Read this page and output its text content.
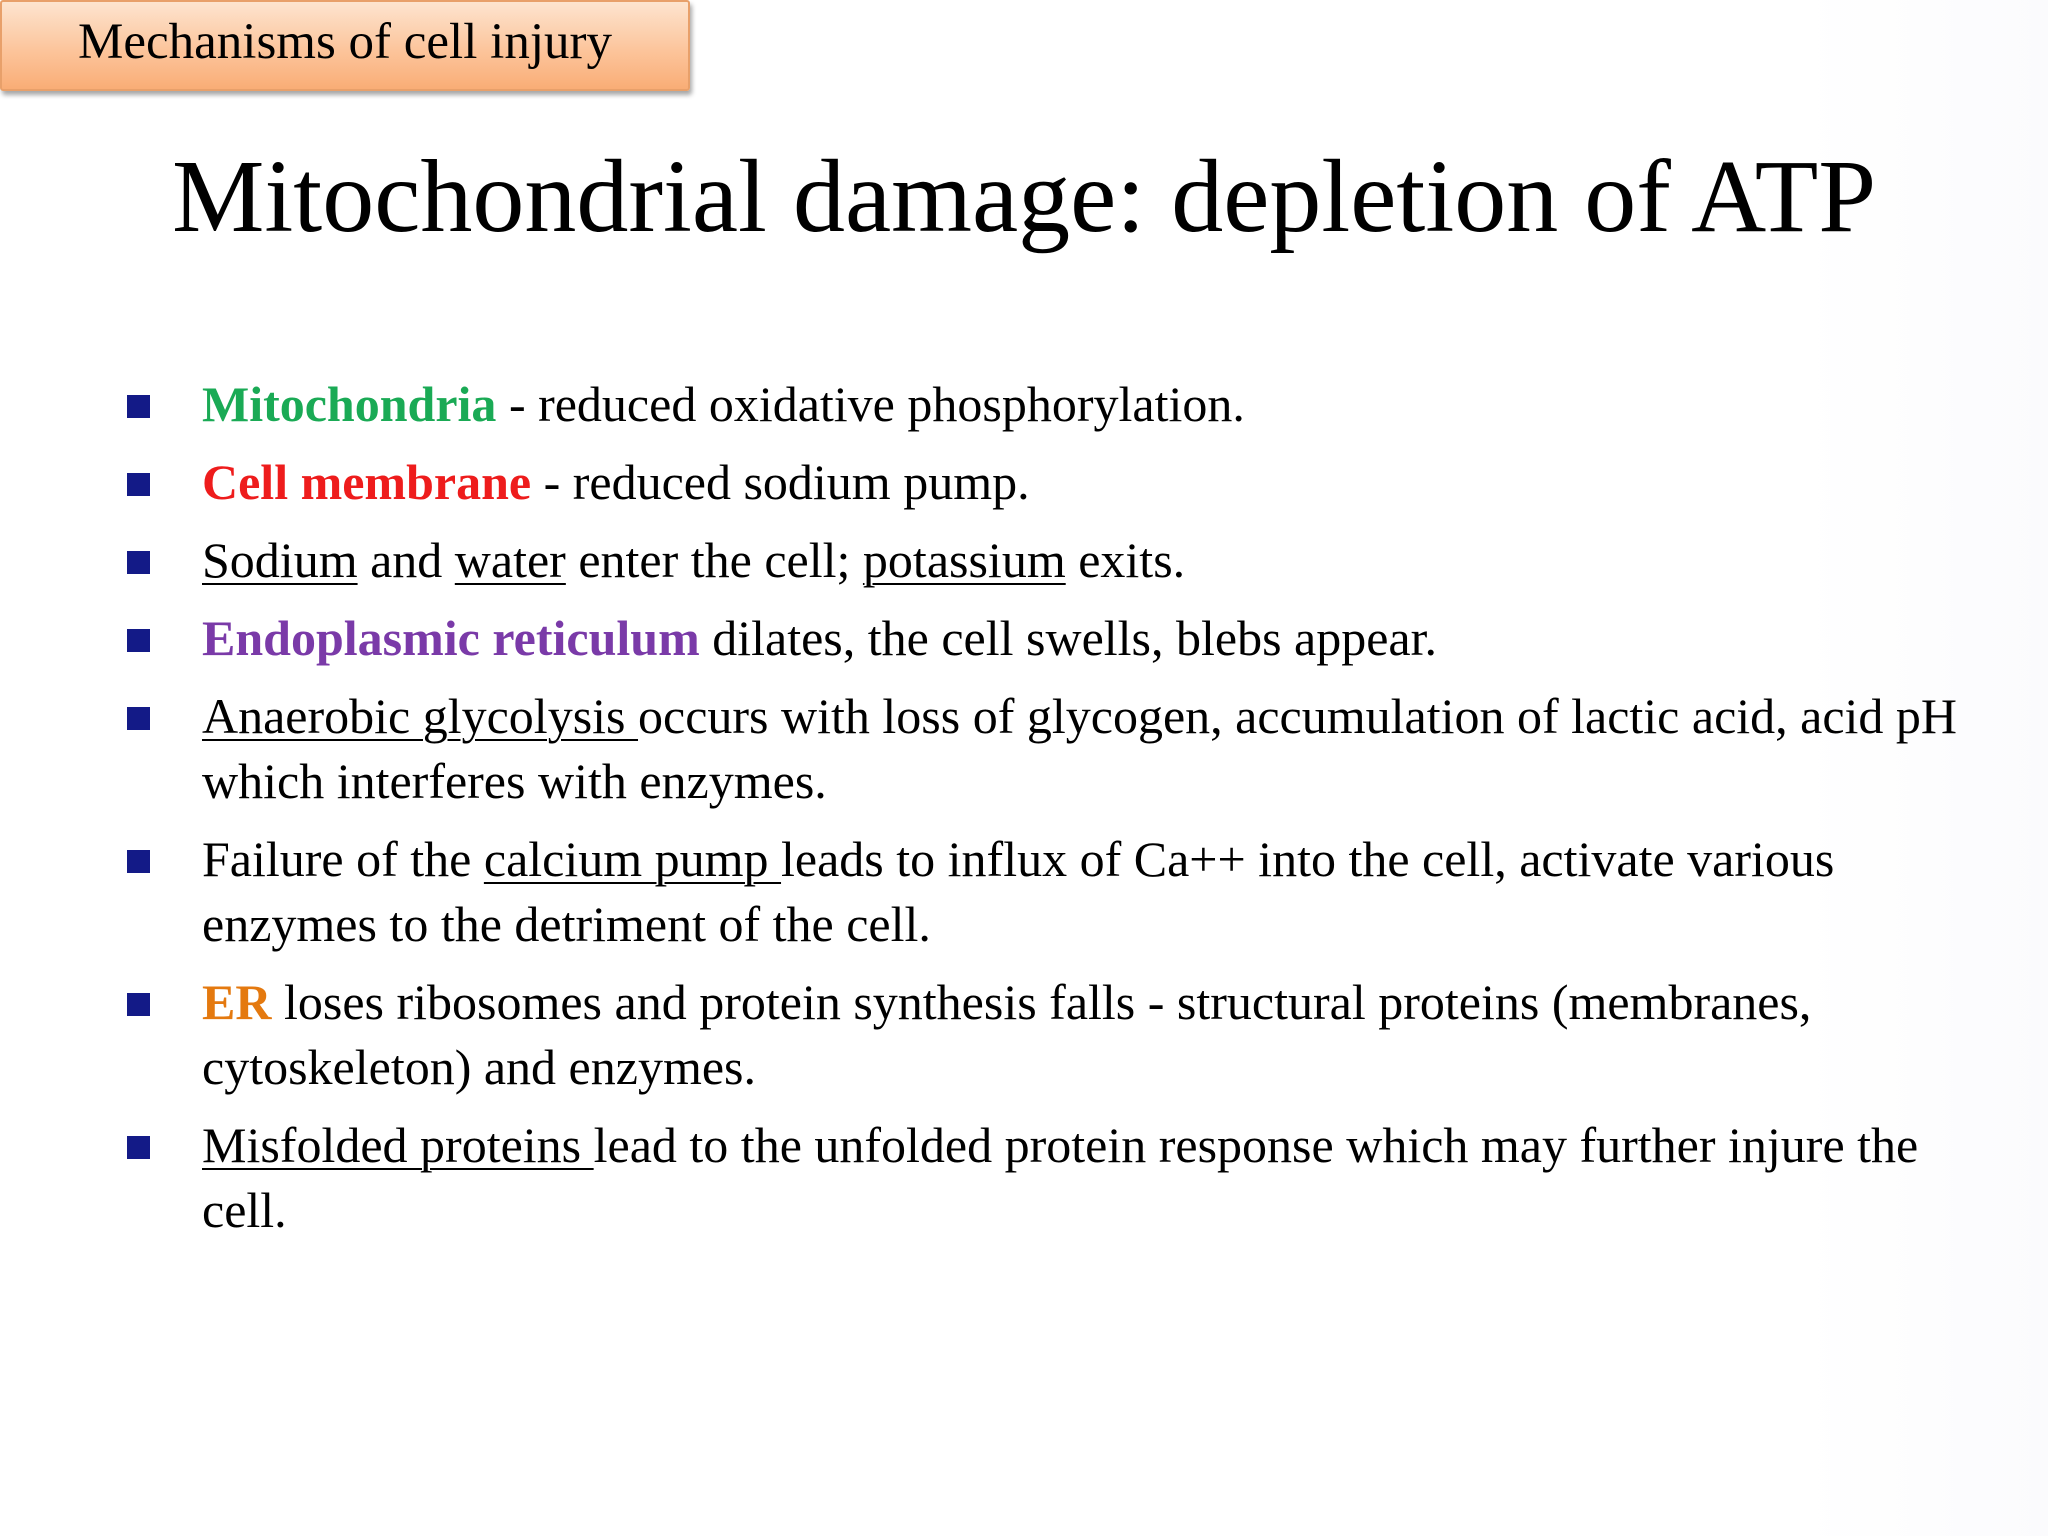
Mechanisms of cell injury
Mitochondrial damage: depletion of ATP
Mitochondria - reduced oxidative phosphorylation.
Cell membrane - reduced sodium pump.
Sodium and water enter the cell; potassium exits.
Endoplasmic reticulum dilates, the cell swells, blebs appear.
Anaerobic glycolysis occurs with loss of glycogen, accumulation of lactic acid, acid pH which interferes with enzymes.
Failure of the calcium pump leads to influx of Ca++ into the cell, activate various enzymes to the detriment of the cell.
ER loses ribosomes and protein synthesis falls - structural proteins (membranes, cytoskeleton) and enzymes.
Misfolded proteins lead to the unfolded protein response which may further injure the cell.
